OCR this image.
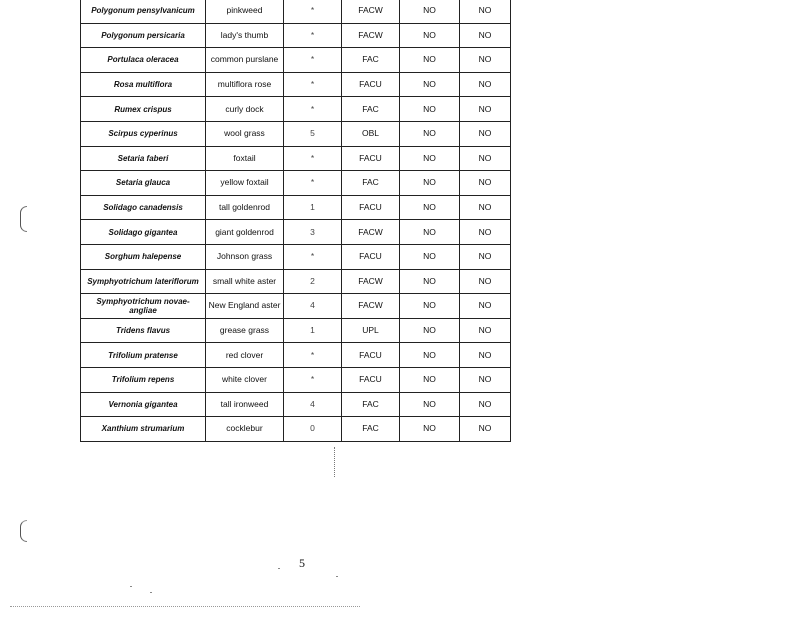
Polygonum pensylvanicum	pinkweed	*	FACW	NO	NO
Polygonum persicaria	lady's thumb	*	FACW	NO	NO
Portulaca oleracea	common purslane	*	FAC	NO	NO
Rosa multiflora	multiflora rose	*	FACU	NO	NO
Rumex crispus	curly dock	*	FAC	NO	NO
Scirpus cyperinus	wool grass	5	OBL	NO	NO
Setaria faberi	foxtail	*	FACU	NO	NO
Setaria glauca	yellow foxtail	*	FAC	NO	NO
Solidago canadensis	tall goldenrod	1	FACU	NO	NO
Solidago gigantea	giant goldenrod	3	FACW	NO	NO
Sorghum halepense	Johnson grass	*	FACU	NO	NO
Symphyotrichum lateriflorum	small white aster	2	FACW	NO	NO
Symphyotrichum novae-angliae	New England aster	4	FACW	NO	NO
Tridens flavus	grease grass	1	UPL	NO	NO
Trifolium pratense	red clover	*	FACU	NO	NO
Trifolium repens	white clover	*	FACU	NO	NO
Vernonia gigantea	tall ironweed	4	FAC	NO	NO
Xanthium strumarium	cocklebur	0	FAC	NO	NO
5
